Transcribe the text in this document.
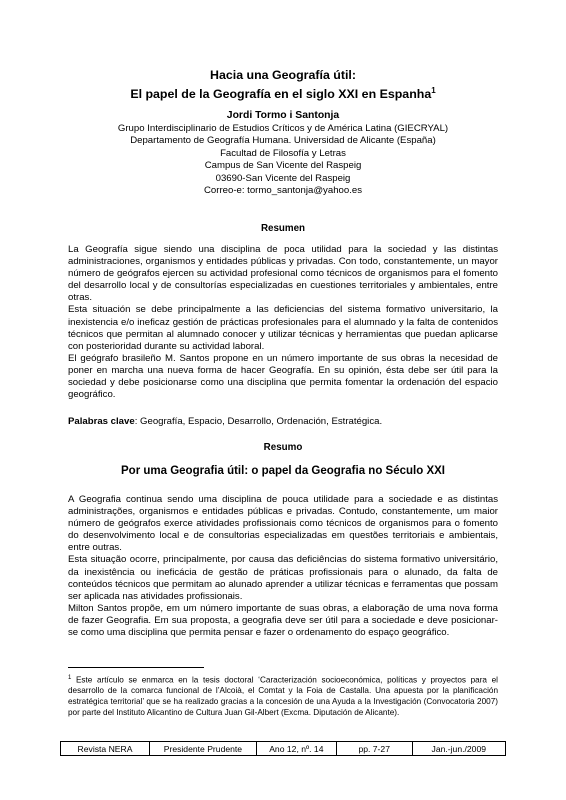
Hacia una Geografía útil:
El papel de la Geografía en el siglo XXI en Espanha$^1$
Jordi Tormo i Santonja
Grupo Interdisciplinario de Estudios Críticos y de América Latina (GIECRYAL)
Departamento de Geografía Humana. Universidad de Alicante (España)
Facultad de Filosofía y Letras
Campus de San Vicente del Raspeig
03690-San Vicente del Raspeig
Correo-e: tormo_santonja@yahoo.es
Resumen

La Geografía sigue siendo una disciplina de poca utilidad para la sociedad y las distintas administraciones, organismos y entidades públicas y privadas. Con todo, constantemente, un mayor número de geógrafos ejercen su actividad profesional como técnicos de organismos para el fomento del desarrollo local y de consultorías especializadas en cuestiones territoriales y ambientales, entre otras.

Esta situación se debe principalmente a las deficiencias del sistema formativo universitario, la inexistencia e/o ineficaz gestión de prácticas profesionales para el alumnado y la falta de contenidos técnicos que permitan al alumnado conocer y utilizar técnicas y herramientas que puedan aplicarse con posterioridad durante su actividad laboral.

El geógrafo brasileño M. Santos propone en un número importante de sus obras la necesidad de poner en marcha una nueva forma de hacer Geografía. En su opinión, ésta debe ser útil para la sociedad y debe posicionarse como una disciplina que permita fomentar la ordenación del espacio geográfico.

Palabras clave: Geografía, Espacio, Desarrollo, Ordenación, Estratégica.
Resumo
Por uma Geografia útil: o papel da Geografia no Século XXI

A Geografia continua sendo uma disciplina de pouca utilidade para a sociedade e as distintas administrações, organismos e entidades públicas e privadas. Contudo, constantemente, um maior número de geógrafos exerce atividades profissionais como técnicos de organismos para o fomento do desenvolvimento local e de consultorias especializadas em questões territoriais e ambientais, entre outras.

Esta situação ocorre, principalmente, por causa das deficiências do sistema formativo universitário, da inexistência ou ineficácia de gestão de práticas profissionais para o alunado, da falta de conteúdos técnicos que permitam ao alunado aprender a utilizar técnicas e ferramentas que possam ser aplicada nas atividades profissionais.

Milton Santos propõe, em um número importante de suas obras, a elaboração de uma nova forma de fazer Geografia. Em sua proposta, a geografia deve ser útil para a sociedade e deve posicionar-se como uma disciplina que permita pensar e fazer o ordenamento do espaço geográfico.

$^1$ Este artículo se enmarca en la tesis doctoral ‘Caracterización socioeconómica, políticas y proyectos para el desarrollo de la comarca funcional de l’Alcoià, el Comtat y la Foia de Castalla. Una apuesta por la planificación estratégica territorial’ que se ha realizado gracias a la concesión de una Ayuda a la Investigación (Convocatoria 2007) por parte del Instituto Alicantino de Cultura Juan Gil-Albert (Excma. Diputación de Alicante).
Revista NERA	Presidente Prudente	Ano 12, nº. 14	pp. 7-27	Jan.-jun./2009
